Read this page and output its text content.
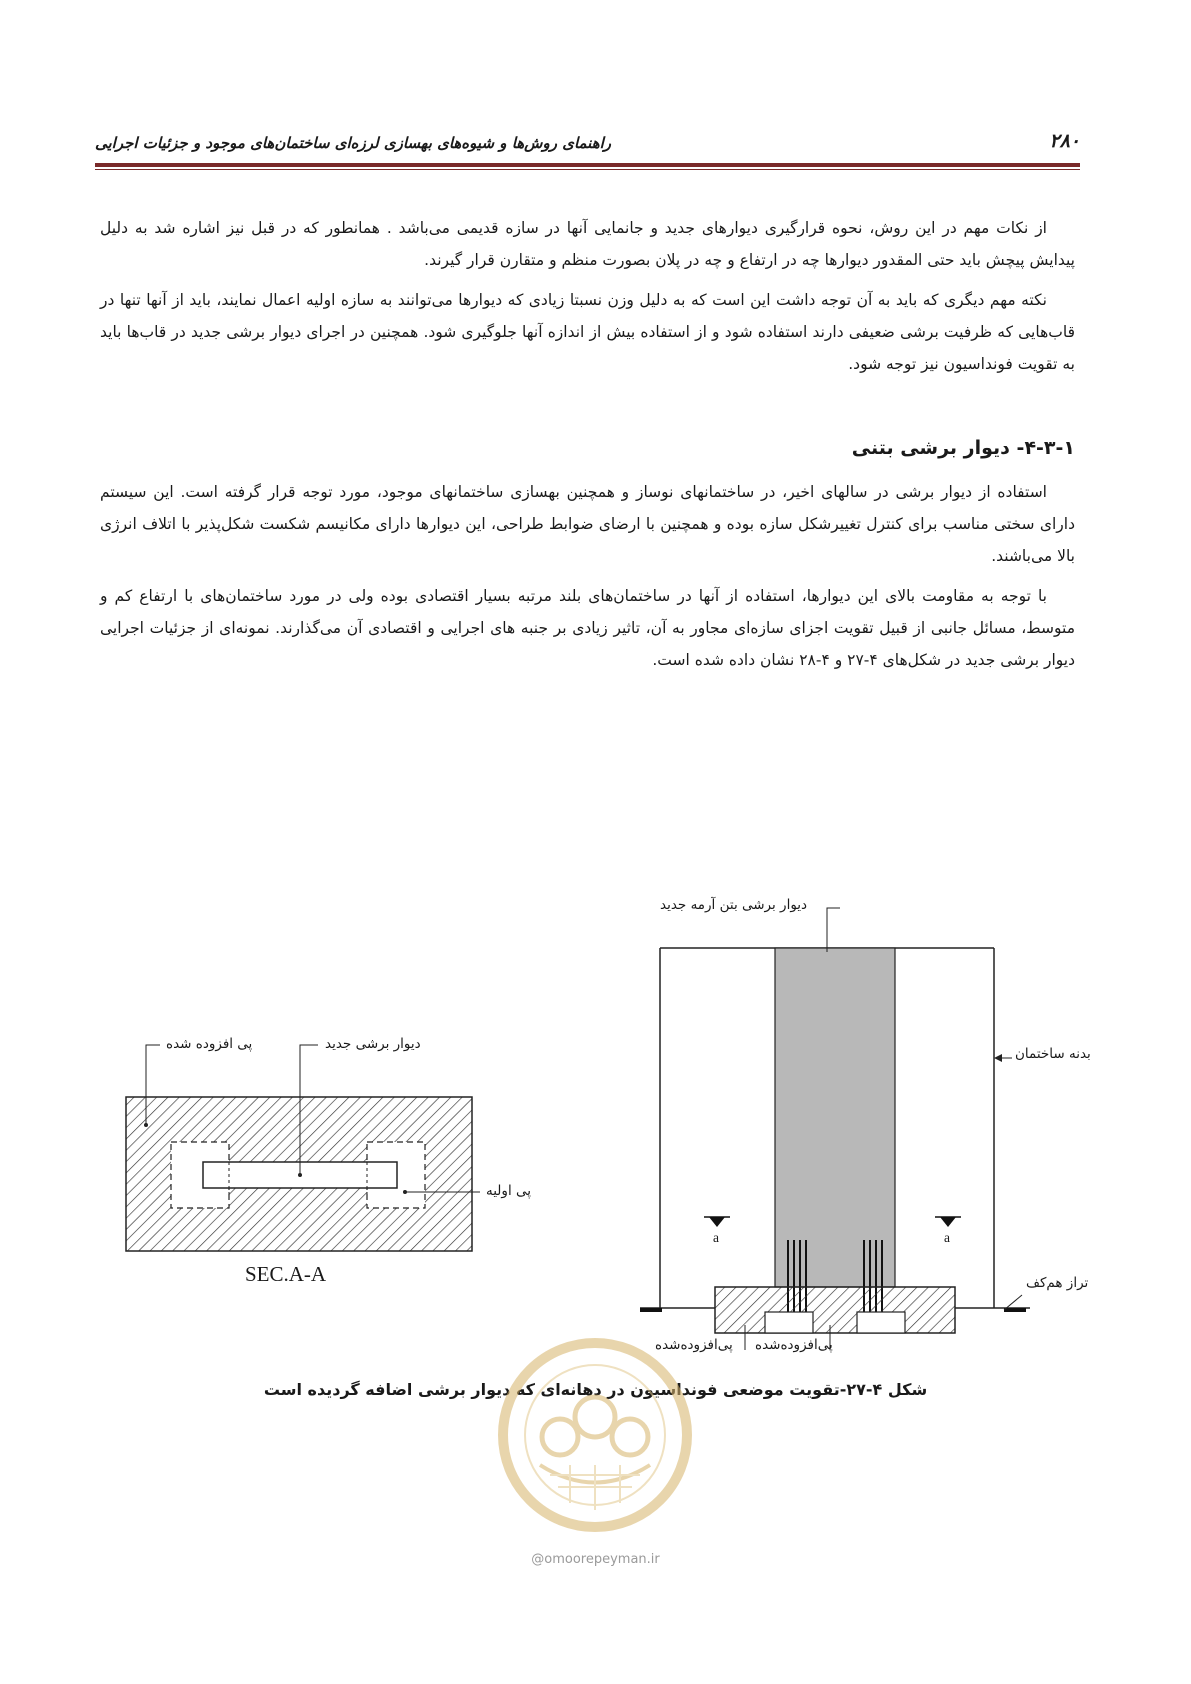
۲۸۰
راهنمای روش‌ها و شیوه‌های بهسازی لرزه‌ای ساختمان‌های موجود و جزئیات اجرایی

از نکات مهم در این روش، نحوه قرارگیری دیوارهای جدید و جانمایی آنها در سازه قدیمی می‌باشد . همانطور که در قبل نیز اشاره شد به دلیل پیدایش پیچش باید حتی المقدور دیوارها چه در ارتفاع و چه در پلان بصورت منظم و متقارن قرار گیرند.

نکته مهم دیگری که باید به آن توجه داشت این است که به دلیل وزن نسبتا زیادی که دیوارها می‌توانند به سازه اولیه اعمال نمایند، باید از آنها تنها در قاب‌هایی که ظرفیت برشی ضعیفی دارند استفاده شود و از استفاده بیش از اندازه آنها جلوگیری شود. همچنین در اجرای دیوار برشی جدید در قاب‌ها باید به تقویت فونداسیون نیز توجه شود.

۴-۳-۱- دیوار برشی بتنی

استفاده از دیوار برشی در سالهای اخیر، در ساختمانهای نوساز و همچنین بهسازی ساختمانهای موجود، مورد توجه قرار گرفته است. این سیستم دارای سختی مناسب برای کنترل تغییرشکل سازه بوده و همچنین با ارضای ضوابط طراحی، این دیوارها دارای مکانیسم شکست شکل‌پذیر با اتلاف انرژی بالا می‌باشند.

با توجه به مقاومت بالای این دیوارها، استفاده از آنها در ساختمان‌های بلند مرتبه بسیار اقتصادی بوده ولی در مورد ساختمان‌های با ارتفاع کم و متوسط، مسائل جانبی از قبیل تقویت اجزای سازه‌ای مجاور به آن، تاثیر زیادی بر جنبه های اجرایی و اقتصادی آن می‌گذارند. نمونه‌ای از جزئیات اجرایی دیوار برشی جدید در شکل‌های ۴-۲۷ و ۴-۲۸ نشان داده شده است.

پی افزوده شده	دیوار برشی جدید
پی اولیه
دیوار برشی بتن آرمه جدید
بدنه ساختمان
تراز هم‌کف
پی‌افزوده‌شده پی‌افزوده‌شده
a	a
SEC.A-A
شکل ۴-۲۷-تقویت موضعی فونداسیون در دهانه‌ای که دیوار برشی اضافه گردیده است
@omoorepeyman.ir
